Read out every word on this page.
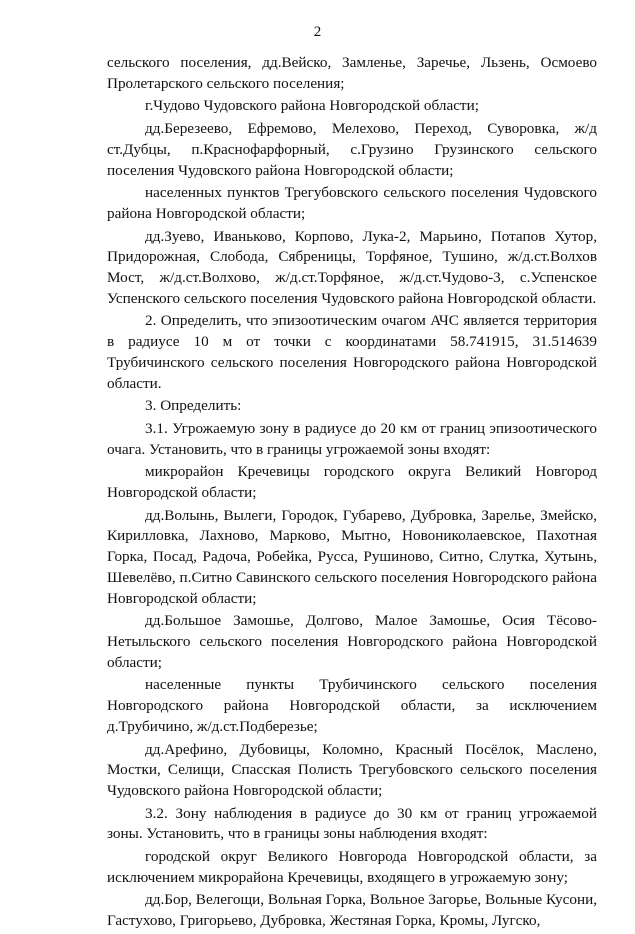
2

сельского поселения, дд.Вейско, Замленье, Заречье, Льзень, Осмоево Пролетарского сельского поселения;

г.Чудово Чудовского района Новгородской области;

дд.Березеево, Ефремово, Мелехово, Переход, Суворовка, ж/д ст.Дубцы, п.Краснофарфорный, с.Грузино Грузинского сельского поселения Чудовского района Новгородской области;

населенных пунктов Трегубовского сельского поселения Чудовского района Новгородской области;

дд.Зуево, Иваньково, Корпово, Лука-2, Марьино, Потапов Хутор, Придорожная, Слобода, Сябреницы, Торфяное, Тушино, ж/д.ст.Волхов Мост, ж/д.ст.Волхово, ж/д.ст.Торфяное, ж/д.ст.Чудово-3, с.Успенское Успенского сельского поселения Чудовского района Новгородской области.

2. Определить, что эпизоотическим очагом АЧС является территория в радиусе 10 м от точки с координатами 58.741915, 31.514639 Трубичинского сельского поселения Новгородского района Новгородской области.

3. Определить:

3.1. Угрожаемую зону в радиусе до 20 км от границ эпизоотического очага. Установить, что в границы угрожаемой зоны входят:

микрорайон Кречевицы городского округа Великий Новгород Новгородской области;

дд.Волынь, Вылеги, Городок, Губарево, Дубровка, Зарелье, Змейско, Кирилловка, Лахново, Марково, Мытно, Новониколаевское, Пахотная Горка, Посад, Радоча, Робейка, Русса, Рушиново, Ситно, Слутка, Хутынь, Шевелёво, п.Ситно Савинского сельского поселения Новгородского района Новгородской области;

дд.Большое Замошье, Долгово, Малое Замошье, Осия Тёсово-Нетыльского сельского поселения Новгородского района Новгородской области;

населенные пункты Трубичинского сельского поселения Новгородского района Новгородской области, за исключением д.Трубичино, ж/д.ст.Подберезье;

дд.Арефино, Дубовицы, Коломно, Красный Посёлок, Маслено, Мостки, Селищи, Спасская Полисть Трегубовского сельского поселения Чудовского района Новгородской области;

3.2. Зону наблюдения в радиусе до 30 км от границ угрожаемой зоны. Установить, что в границы зоны наблюдения входят:

городской округ Великого Новгорода Новгородской области, за исключением микрорайона Кречевицы, входящего в угрожаемую зону;

дд.Бор, Велегощи, Вольная Горка, Вольное Загорье, Вольные Кусони, Гастухово, Григорьево, Дубровка, Жестяная Горка, Кромы, Лугско,
